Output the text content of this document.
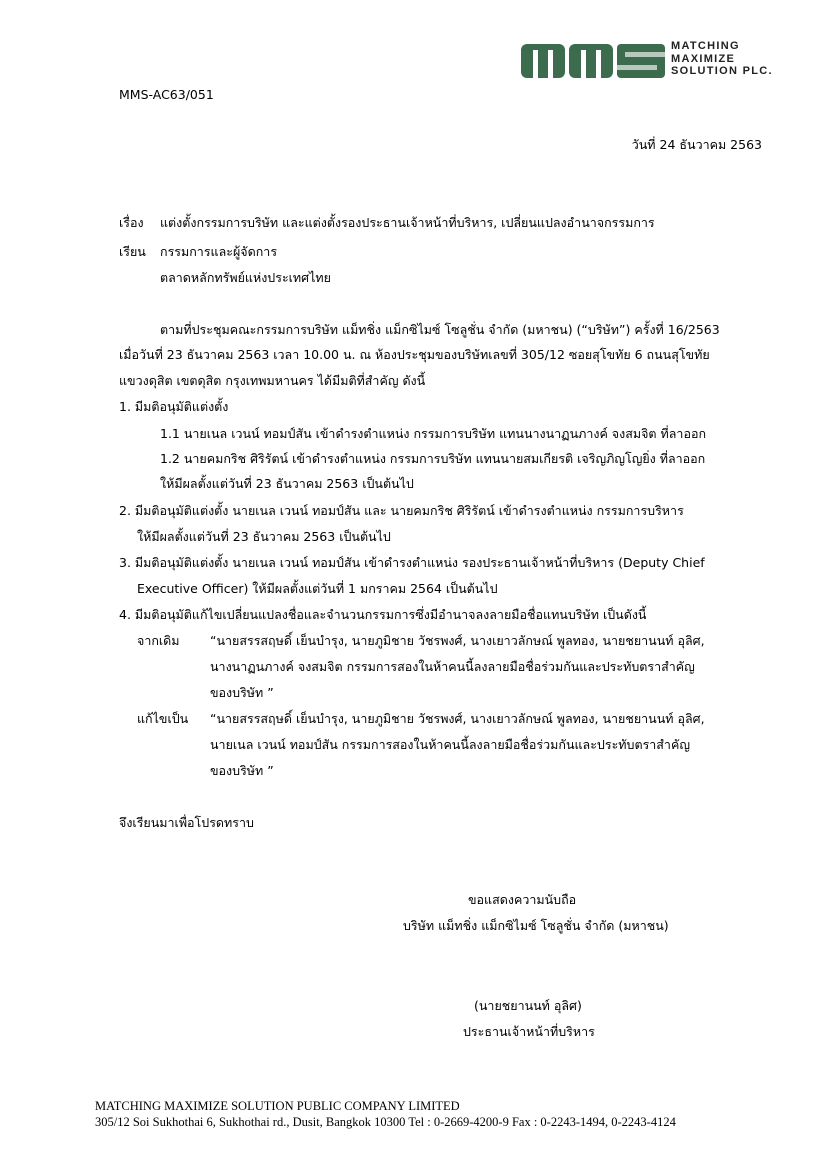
MATCHING
MAXIMIZE
SOLUTION PLC.
MMS-AC63/051
วันที่ 24 ธันวาคม 2563
เรื่อง แต่งตั้งกรรมการบริษัท และแต่งตั้งรองประธานเจ้าหน้าที่บริหาร, เปลี่ยนแปลงอำนาจกรรมการ
เรียน กรรมการและผู้จัดการ
ตลาดหลักทรัพย์แห่งประเทศไทย
ตามที่ประชุมคณะกรรมการบริษัท แม็ทชิ่ง แม็กซิไมซ์ โซลูชั่น จำกัด (มหาชน) (“บริษัท”) ครั้งที่ 16/2563
เมื่อวันที่ 23 ธันวาคม 2563 เวลา 10.00 น. ณ ห้องประชุมของบริษัทเลขที่ 305/12 ซอยสุโขทัย 6 ถนนสุโขทัย
แขวงดุสิต เขตดุสิต กรุงเทพมหานคร ได้มีมติที่สำคัญ ดังนี้
1. มีมติอนุมัติแต่งตั้ง
1.1 นายเนล เวนน์ ทอมป์สัน เข้าดำรงตำแหน่ง กรรมการบริษัท แทนนางนาฏนภางค์ จงสมจิต ที่ลาออก
1.2 นายคมกริช ศิริรัตน์ เข้าดำรงตำแหน่ง กรรมการบริษัท แทนนายสมเกียรติ เจริญภิญโญยิ่ง ที่ลาออก
ให้มีผลตั้งแต่วันที่ 23 ธันวาคม 2563 เป็นต้นไป
2. มีมติอนุมัติแต่งตั้ง นายเนล เวนน์ ทอมป์สัน และ นายคมกริช ศิริรัตน์ เข้าดำรงตำแหน่ง กรรมการบริหาร
ให้มีผลตั้งแต่วันที่ 23 ธันวาคม 2563 เป็นต้นไป
3. มีมติอนุมัติแต่งตั้ง นายเนล เวนน์ ทอมป์สัน เข้าดำรงตำแหน่ง รองประธานเจ้าหน้าที่บริหาร (Deputy Chief
Executive Officer) ให้มีผลตั้งแต่วันที่ 1 มกราคม 2564 เป็นต้นไป
4. มีมติอนุมัติแก้ไขเปลี่ยนแปลงชื่อและจำนวนกรรมการซึ่งมีอำนาจลงลายมือชื่อแทนบริษัท เป็นดังนี้
จากเดิม “นายสรรสฤษดิ์ เย็นบำรุง, นายภูมิชาย วัชรพงศ์, นางเยาวลักษณ์ พูลทอง, นายชยานนท์ อุลิศ,
นางนาฏนภางค์ จงสมจิต กรรมการสองในห้าคนนี้ลงลายมือชื่อร่วมกันและประทับตราสำคัญ
ของบริษัท ”
แก้ไขเป็น “นายสรรสฤษดิ์ เย็นบำรุง, นายภูมิชาย วัชรพงศ์, นางเยาวลักษณ์ พูลทอง, นายชยานนท์ อุลิศ,
นายเนล เวนน์ ทอมป์สัน กรรมการสองในห้าคนนี้ลงลายมือชื่อร่วมกันและประทับตราสำคัญ
ของบริษัท ”
จึงเรียนมาเพื่อโปรดทราบ
ขอแสดงความนับถือ
บริษัท แม็ทชิ่ง แม็กซิไมซ์ โซลูชั่น จำกัด (มหาชน)
(นายชยานนท์ อุลิศ)
ประธานเจ้าหน้าที่บริหาร
MATCHING MAXIMIZE SOLUTION PUBLIC COMPANY LIMITED
305/12 Soi Sukhothai 6, Sukhothai rd., Dusit, Bangkok 10300 Tel : 0-2669-4200-9 Fax : 0-2243-1494, 0-2243-4124
